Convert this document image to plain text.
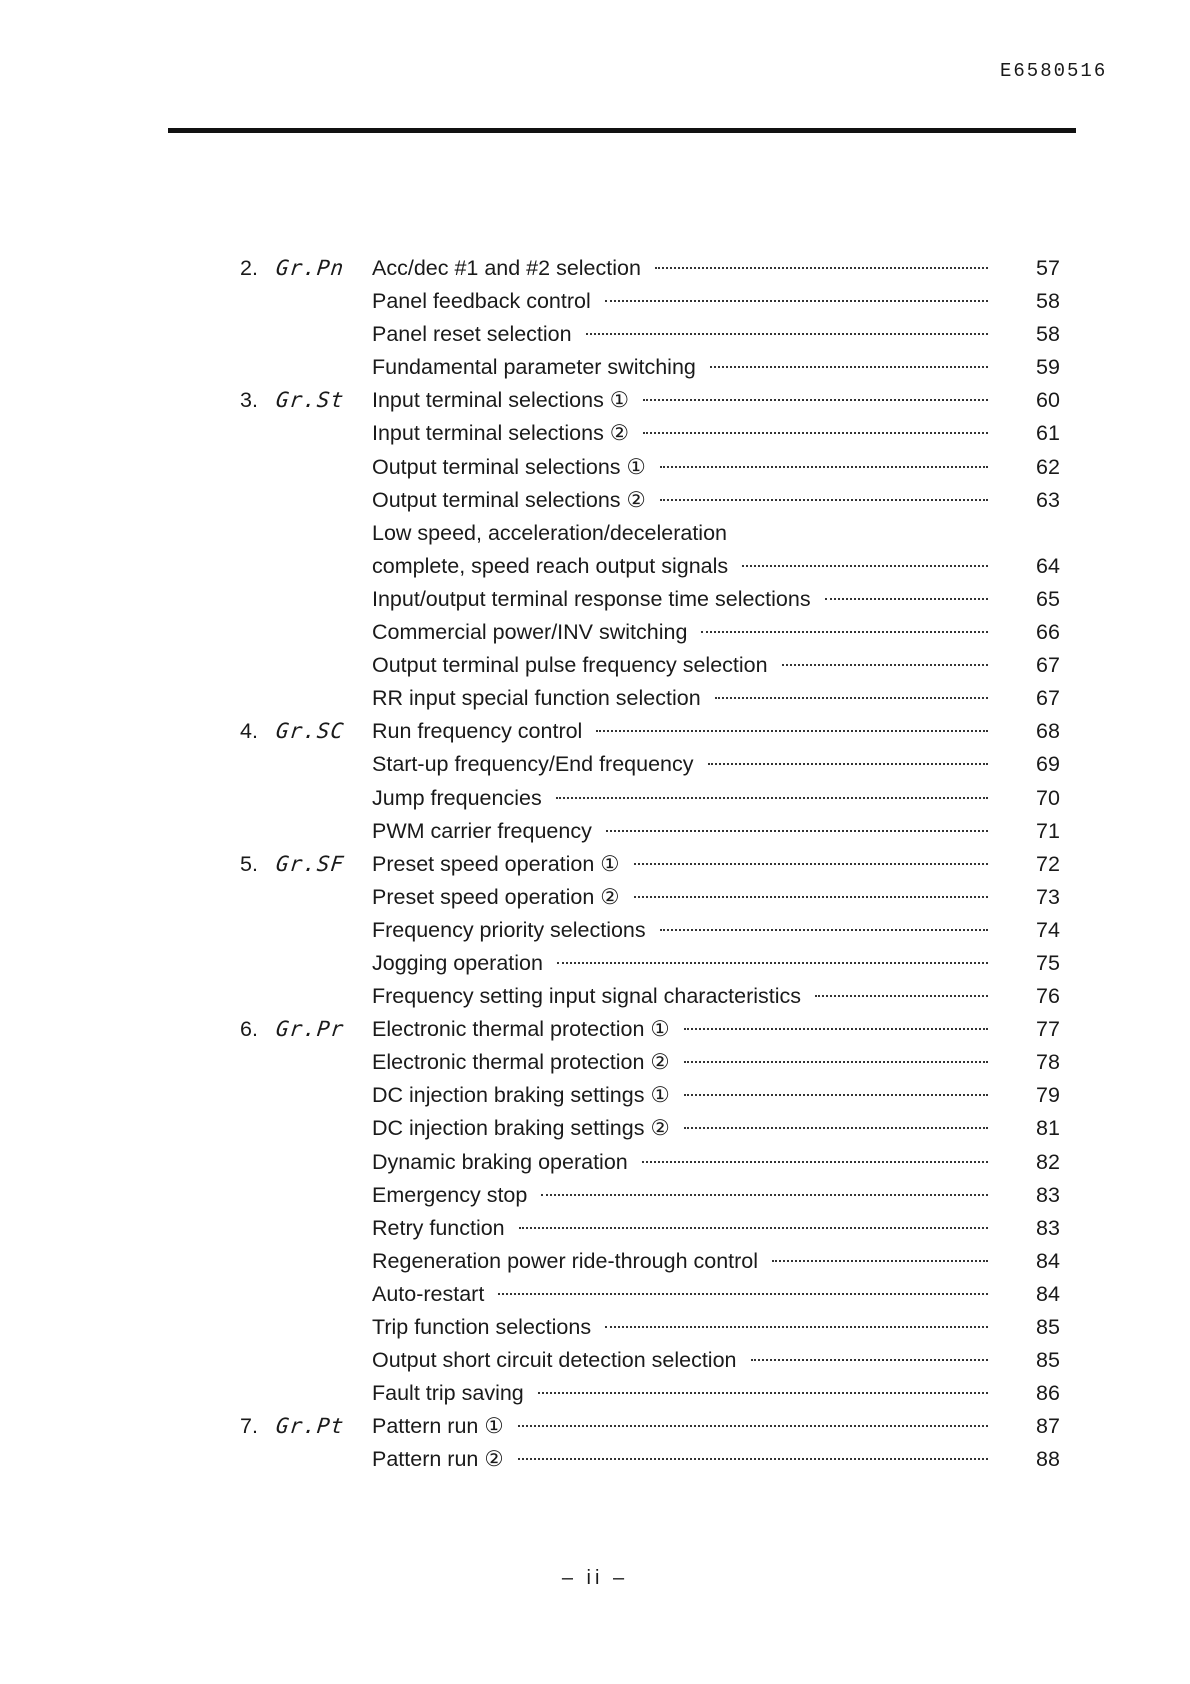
E6580516
2. Gr.Pn Acc/dec #1 and #2 selection	57
Panel feedback control	58
Panel reset selection	58
Fundamental parameter switching	59
3. Gr.St Input terminal selections ①	60
Input terminal selections ②	61
Output terminal selections ①	62
Output terminal selections ②	63
Low speed, acceleration/deceleration
complete, speed reach output signals	64
Input/output terminal response time selections	65
Commercial power/INV switching	66
Output terminal pulse frequency selection	67
RR input special function selection	67
4. Gr.SC Run frequency control	68
Start-up frequency/End frequency	69
Jump frequencies	70
PWM carrier frequency	71
5. Gr.SF Preset speed operation ①	72
Preset speed operation ②	73
Frequency priority selections	74
Jogging operation	75
Frequency setting input signal characteristics	76
6. Gr.Pr Electronic thermal protection ①	77
Electronic thermal protection ②	78
DC injection braking settings ①	79
DC injection braking settings ②	81
Dynamic braking operation	82
Emergency stop	83
Retry function	83
Regeneration power ride-through control	84
Auto-restart	84
Trip function selections	85
Output short circuit detection selection	85
Fault trip saving	86
7. Gr.Pt Pattern run ①	87
Pattern run ②	88
– ii –
